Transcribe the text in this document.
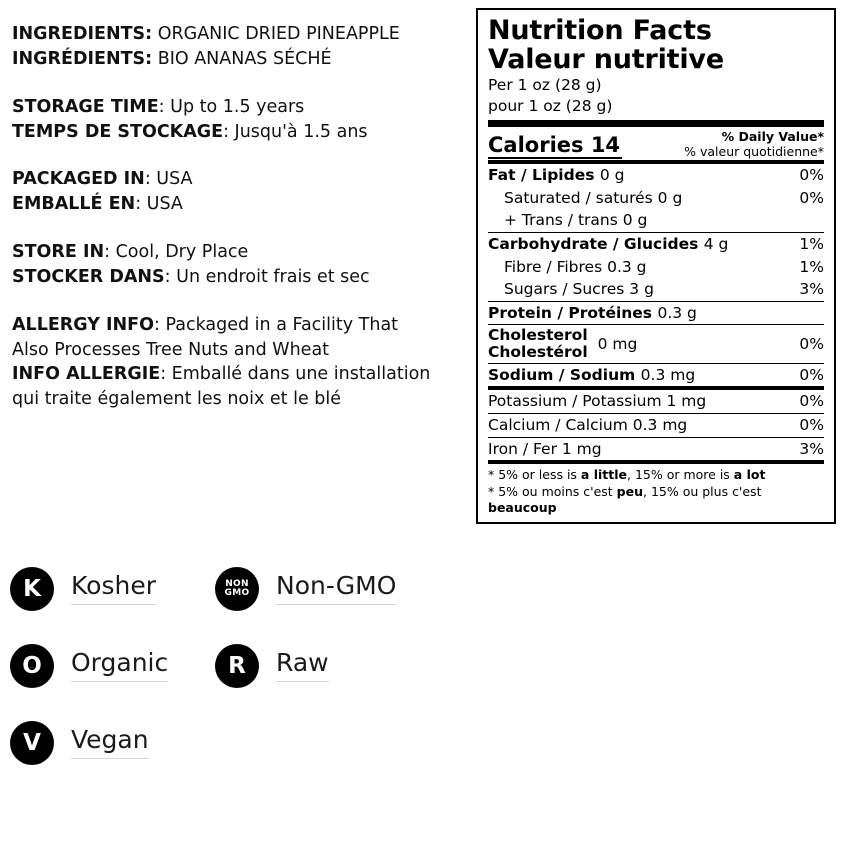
INGREDIENTS: ORGANIC DRIED PINEAPPLE
INGRÉDIENTS: BIO ANANAS SÉCHÉ
STORAGE TIME: Up to 1.5 years
TEMPS DE STOCKAGE: Jusqu'à 1.5 ans
PACKAGED IN: USA
EMBALLÉ EN: USA
STORE IN: Cool, Dry Place
STOCKER DANS: Un endroit frais et sec
ALLERGY INFO: Packaged in a Facility That
Also Processes Tree Nuts and Wheat
INFO ALLERGIE: Emballé dans une installation
qui traite également les noix et le blé
Nutrition Facts
Valeur nutritive
Per 1 oz (28 g)
pour 1 oz (28 g)
Calories 14	% Daily Value*
% valeur quotidienne*
Fat / Lipides 0 g	0%
Saturated / saturés 0 g	0%
+ Trans / trans 0 g
Carbohydrate / Glucides 4 g	1%
Fibre / Fibres 0.3 g	1%
Sugars / Sucres 3 g	3%
Protein / Protéines 0.3 g
Cholesterol
Cholestérol 0 mg	0%
Sodium / Sodium 0.3 mg	0%
Potassium / Potassium 1 mg	0%
Calcium / Calcium 0.3 mg	0%
Iron / Fer 1 mg	3%
* 5% or less is a little, 15% or more is a lot
* 5% ou moins c'est peu, 15% ou plus c'est beaucoup
K Kosher	NON
GMO Non-GMO
O Organic	R Raw
V Vegan
